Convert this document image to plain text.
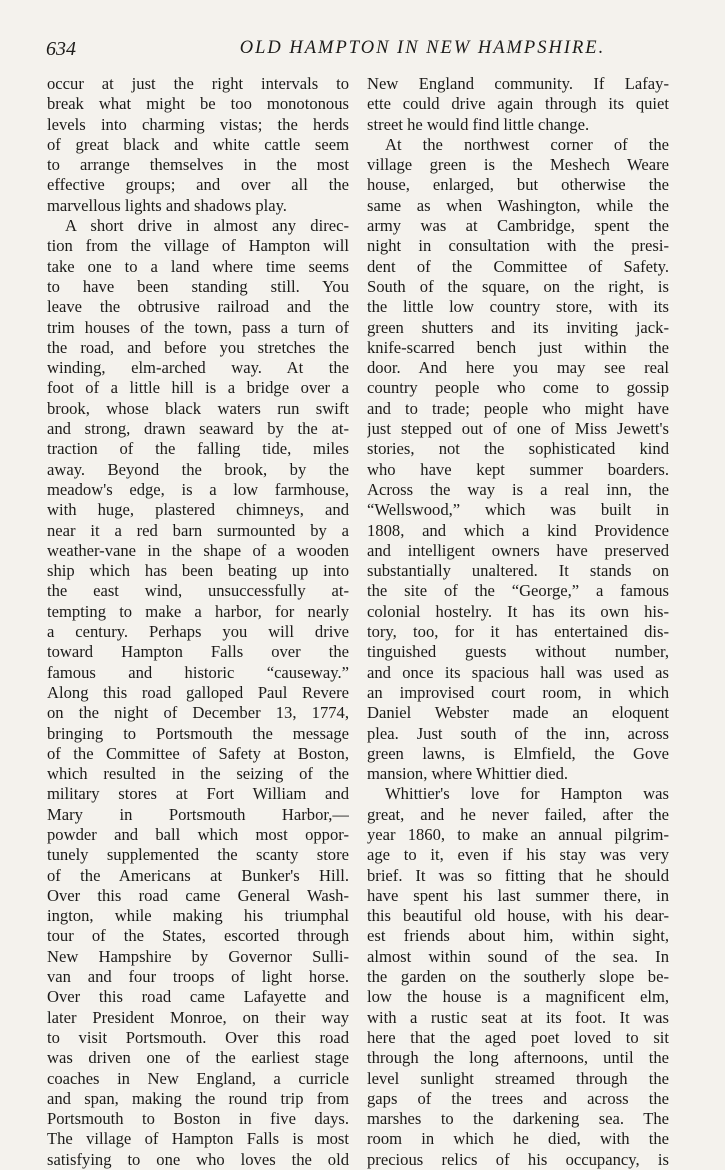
634	OLD HAMPTON IN NEW HAMPSHIRE.
occur at just the right intervals to
break what might be too monotonous
levels into charming vistas; the herds
of great black and white cattle seem
to arrange themselves in the most
effective groups; and over all the
marvellous lights and shadows play.
A short drive in almost any direc-
tion from the village of Hampton will
take one to a land where time seems
to have been standing still. You
leave the obtrusive railroad and the
trim houses of the town, pass a turn of
the road, and before you stretches the
winding, elm-arched way. At the
foot of a little hill is a bridge over a
brook, whose black waters run swift
and strong, drawn seaward by the at-
traction of the falling tide, miles
away. Beyond the brook, by the
meadow's edge, is a low farmhouse,
with huge, plastered chimneys, and
near it a red barn surmounted by a
weather-vane in the shape of a wooden
ship which has been beating up into
the east wind, unsuccessfully at-
tempting to make a harbor, for nearly
a century. Perhaps you will drive
toward Hampton Falls over the
famous and historic “causeway.”
Along this road galloped Paul Revere
on the night of December 13, 1774,
bringing to Portsmouth the message
of the Committee of Safety at Boston,
which resulted in the seizing of the
military stores at Fort William and
Mary in Portsmouth Harbor,—
powder and ball which most oppor-
tunely supplemented the scanty store
of the Americans at Bunker's Hill.
Over this road came General Wash-
ington, while making his triumphal
tour of the States, escorted through
New Hampshire by Governor Sulli-
van and four troops of light horse.
Over this road came Lafayette and
later President Monroe, on their way
to visit Portsmouth. Over this road
was driven one of the earliest stage
coaches in New England, a curricle
and span, making the round trip from
Portsmouth to Boston in five days.
The village of Hampton Falls is most
satisfying to one who loves the old
New England community. If Lafay-
ette could drive again through its quiet
street he would find little change.
At the northwest corner of the
village green is the Meshech Weare
house, enlarged, but otherwise the
same as when Washington, while the
army was at Cambridge, spent the
night in consultation with the presi-
dent of the Committee of Safety.
South of the square, on the right, is
the little low country store, with its
green shutters and its inviting jack-
knife-scarred bench just within the
door. And here you may see real
country people who come to gossip
and to trade; people who might have
just stepped out of one of Miss Jewett's
stories, not the sophisticated kind
who have kept summer boarders.
Across the way is a real inn, the
“Wellswood,” which was built in
1808, and which a kind Providence
and intelligent owners have preserved
substantially unaltered. It stands on
the site of the “George,” a famous
colonial hostelry. It has its own his-
tory, too, for it has entertained dis-
tinguished guests without number,
and once its spacious hall was used as
an improvised court room, in which
Daniel Webster made an eloquent
plea. Just south of the inn, across
green lawns, is Elmfield, the Gove
mansion, where Whittier died.
Whittier's love for Hampton was
great, and he never failed, after the
year 1860, to make an annual pilgrim-
age to it, even if his stay was very
brief. It was so fitting that he should
have spent his last summer there, in
this beautiful old house, with his dear-
est friends about him, within sight,
almost within sound of the sea. In
the garden on the southerly slope be-
low the house is a magnificent elm,
with a rustic seat at its foot. It was
here that the aged poet loved to sit
through the long afternoons, until the
level sunlight streamed through the
gaps of the trees and across the
marshes to the darkening sea. The
room in which he died, with the
precious relics of his occupancy, is
